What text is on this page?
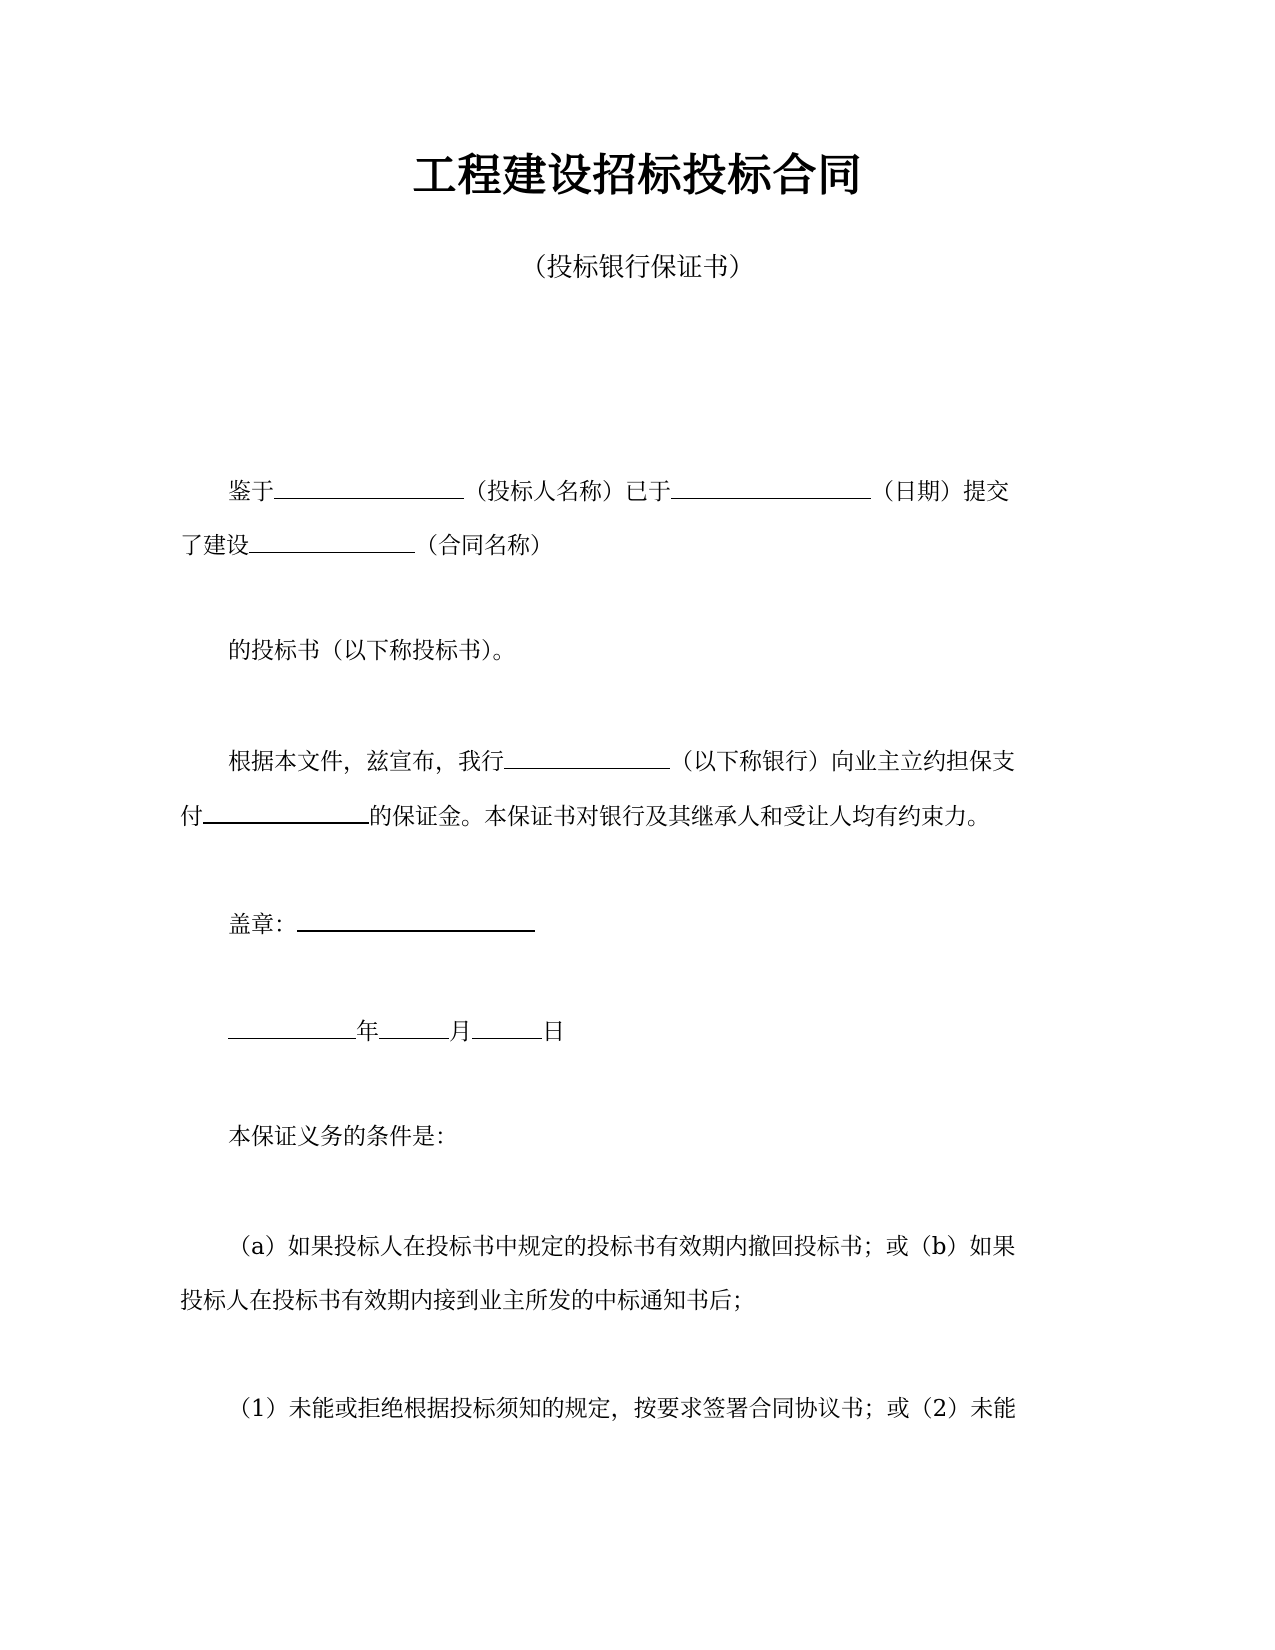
工程建设招标投标合同
（投标银行保证书）
鉴于	（投标人名称）已于	（日期）提交
了建设	（合同名称）
的投标书（以下称投标书）。
根据本文件，兹宣布，我行	（以下称银行）向业主立约担保支
付	的保证金。本保证书对银行及其继承人和受让人均有约束力。
盖章：
年	月	日
本保证义务的条件是：
（a）如果投标人在投标书中规定的投标书有效期内撤回投标书；或（b）如果
投标人在投标书有效期内接到业主所发的中标通知书后；
（1）未能或拒绝根据投标须知的规定，按要求签署合同协议书；或（2）未能
